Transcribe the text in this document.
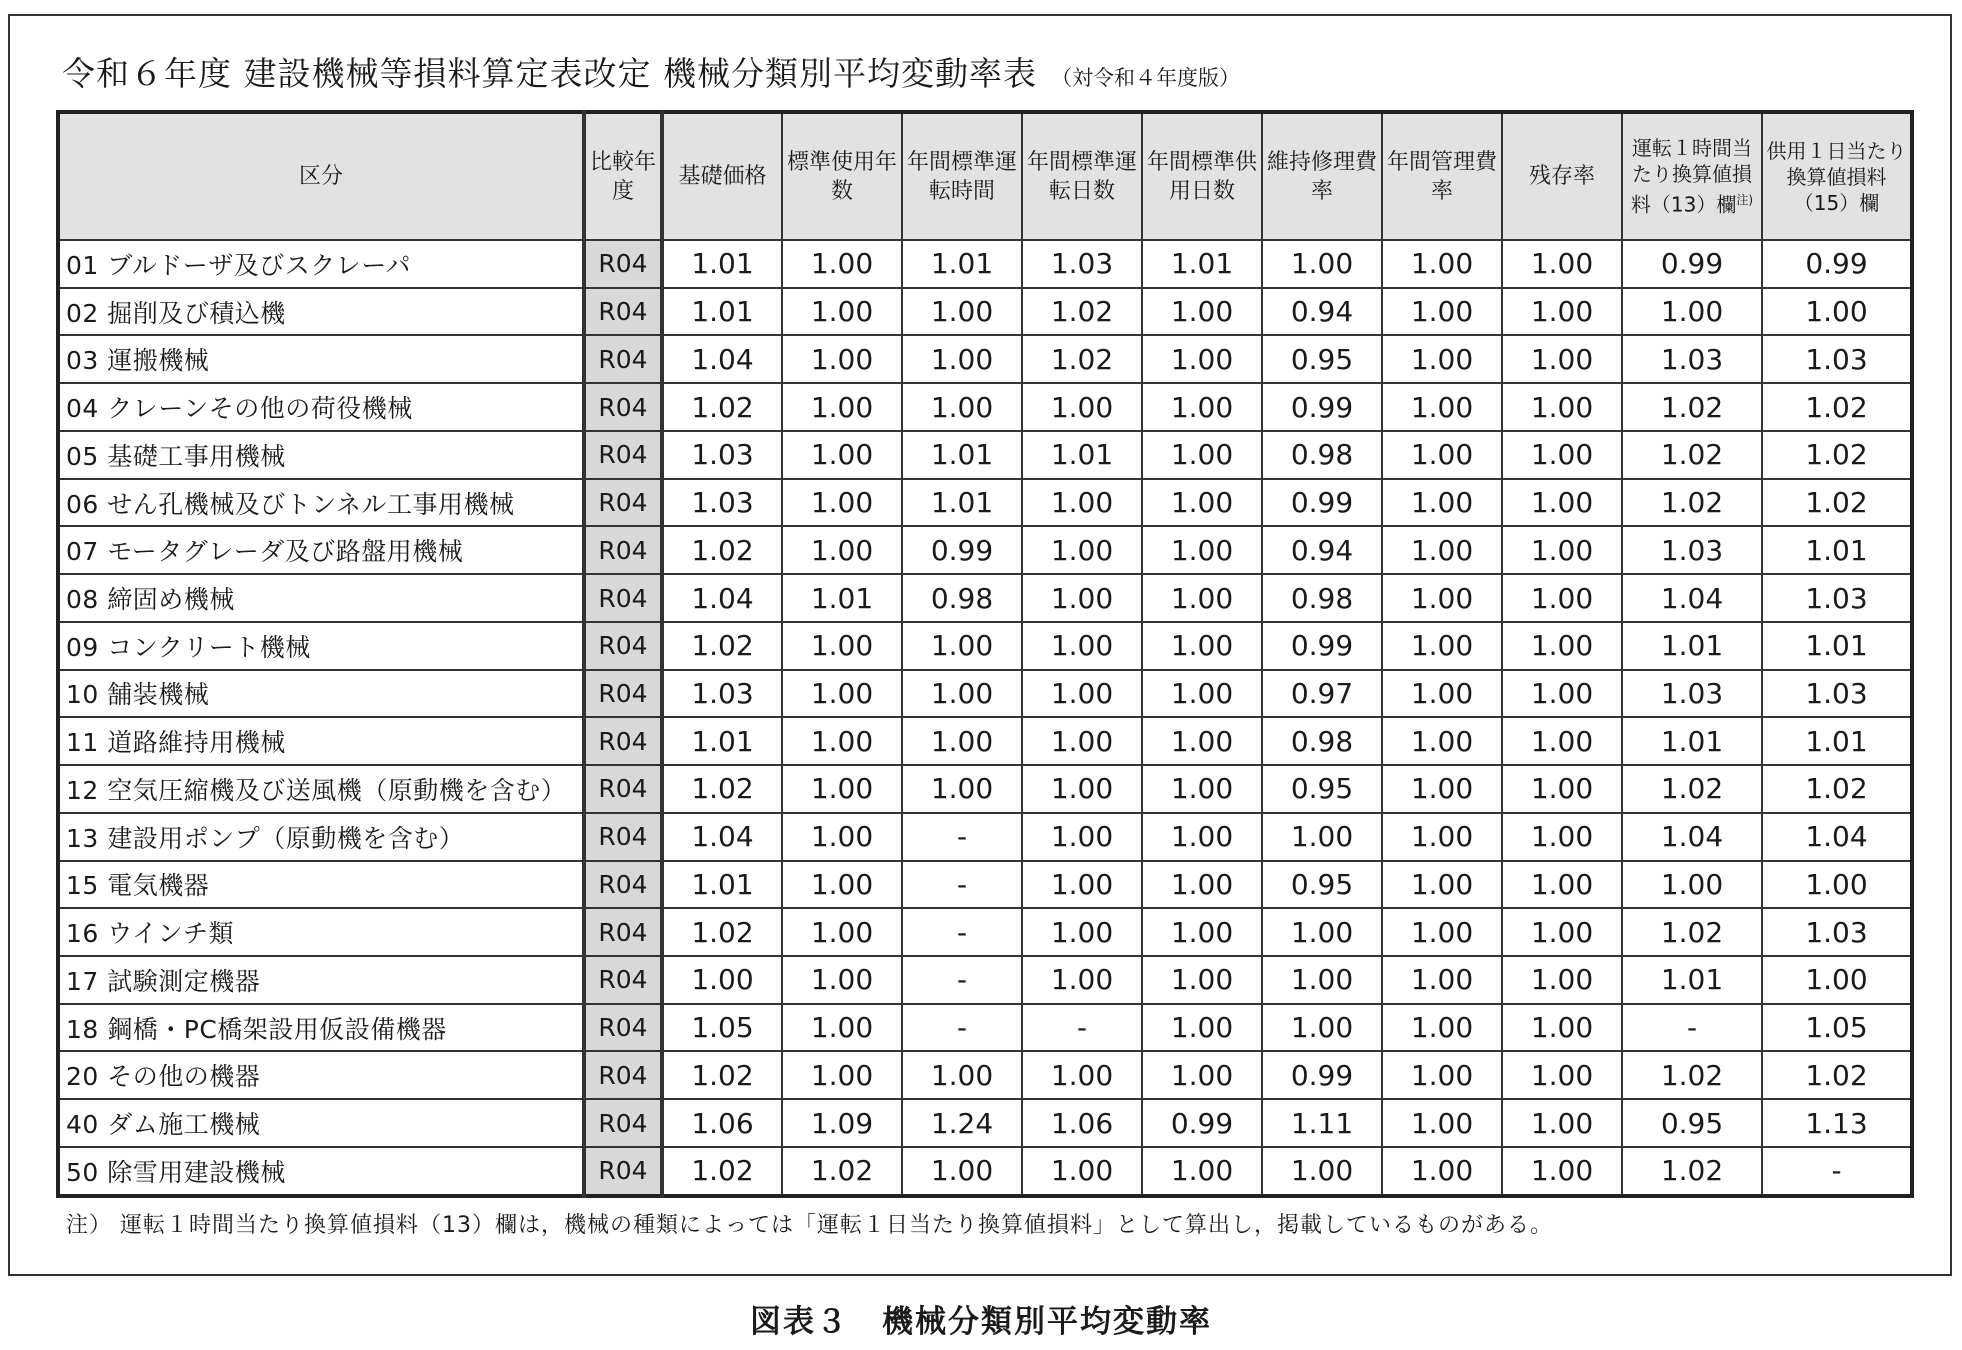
令和６年度 建設機械等損料算定表改定 機械分類別平均変動率表 （対令和４年度版）
区分	比較年度	基礎価格	標準使用年数	年間標準運転時間	年間標準運転日数	年間標準供用日数	維持修理費率	年間管理費率	残存率	運転１時間当たり換算値損料（13）欄$^{注)}$	供用１日当たり換算値損料（15）欄
01 ブルドーザ及びスクレーパ	R04	1.01	1.00	1.01	1.03	1.01	1.00	1.00	1.00	0.99	0.99
02 掘削及び積込機	R04	1.01	1.00	1.00	1.02	1.00	0.94	1.00	1.00	1.00	1.00
03 運搬機械	R04	1.04	1.00	1.00	1.02	1.00	0.95	1.00	1.00	1.03	1.03
04 クレーンその他の荷役機械	R04	1.02	1.00	1.00	1.00	1.00	0.99	1.00	1.00	1.02	1.02
05 基礎工事用機械	R04	1.03	1.00	1.01	1.01	1.00	0.98	1.00	1.00	1.02	1.02
06 せん孔機械及びトンネル工事用機械	R04	1.03	1.00	1.01	1.00	1.00	0.99	1.00	1.00	1.02	1.02
07 モータグレーダ及び路盤用機械	R04	1.02	1.00	0.99	1.00	1.00	0.94	1.00	1.00	1.03	1.01
08 締固め機械	R04	1.04	1.01	0.98	1.00	1.00	0.98	1.00	1.00	1.04	1.03
09 コンクリート機械	R04	1.02	1.00	1.00	1.00	1.00	0.99	1.00	1.00	1.01	1.01
10 舗装機械	R04	1.03	1.00	1.00	1.00	1.00	0.97	1.00	1.00	1.03	1.03
11 道路維持用機械	R04	1.01	1.00	1.00	1.00	1.00	0.98	1.00	1.00	1.01	1.01
12 空気圧縮機及び送風機（原動機を含む）	R04	1.02	1.00	1.00	1.00	1.00	0.95	1.00	1.00	1.02	1.02
13 建設用ポンプ（原動機を含む）	R04	1.04	1.00	-	1.00	1.00	1.00	1.00	1.00	1.04	1.04
15 電気機器	R04	1.01	1.00	-	1.00	1.00	0.95	1.00	1.00	1.00	1.00
16 ウインチ類	R04	1.02	1.00	-	1.00	1.00	1.00	1.00	1.00	1.02	1.03
17 試験測定機器	R04	1.00	1.00	-	1.00	1.00	1.00	1.00	1.00	1.01	1.00
18 鋼橋・PC橋架設用仮設備機器	R04	1.05	1.00	-	-	1.00	1.00	1.00	1.00	-	1.05
20 その他の機器	R04	1.02	1.00	1.00	1.00	1.00	0.99	1.00	1.00	1.02	1.02
40 ダム施工機械	R04	1.06	1.09	1.24	1.06	0.99	1.11	1.00	1.00	0.95	1.13
50 除雪用建設機械	R04	1.02	1.02	1.00	1.00	1.00	1.00	1.00	1.00	1.02	-
注） 運転１時間当たり換算値損料（13）欄は，機械の種類によっては「運転１日当たり換算値損料」として算出し，掲載しているものがある。
図表３　機械分類別平均変動率
